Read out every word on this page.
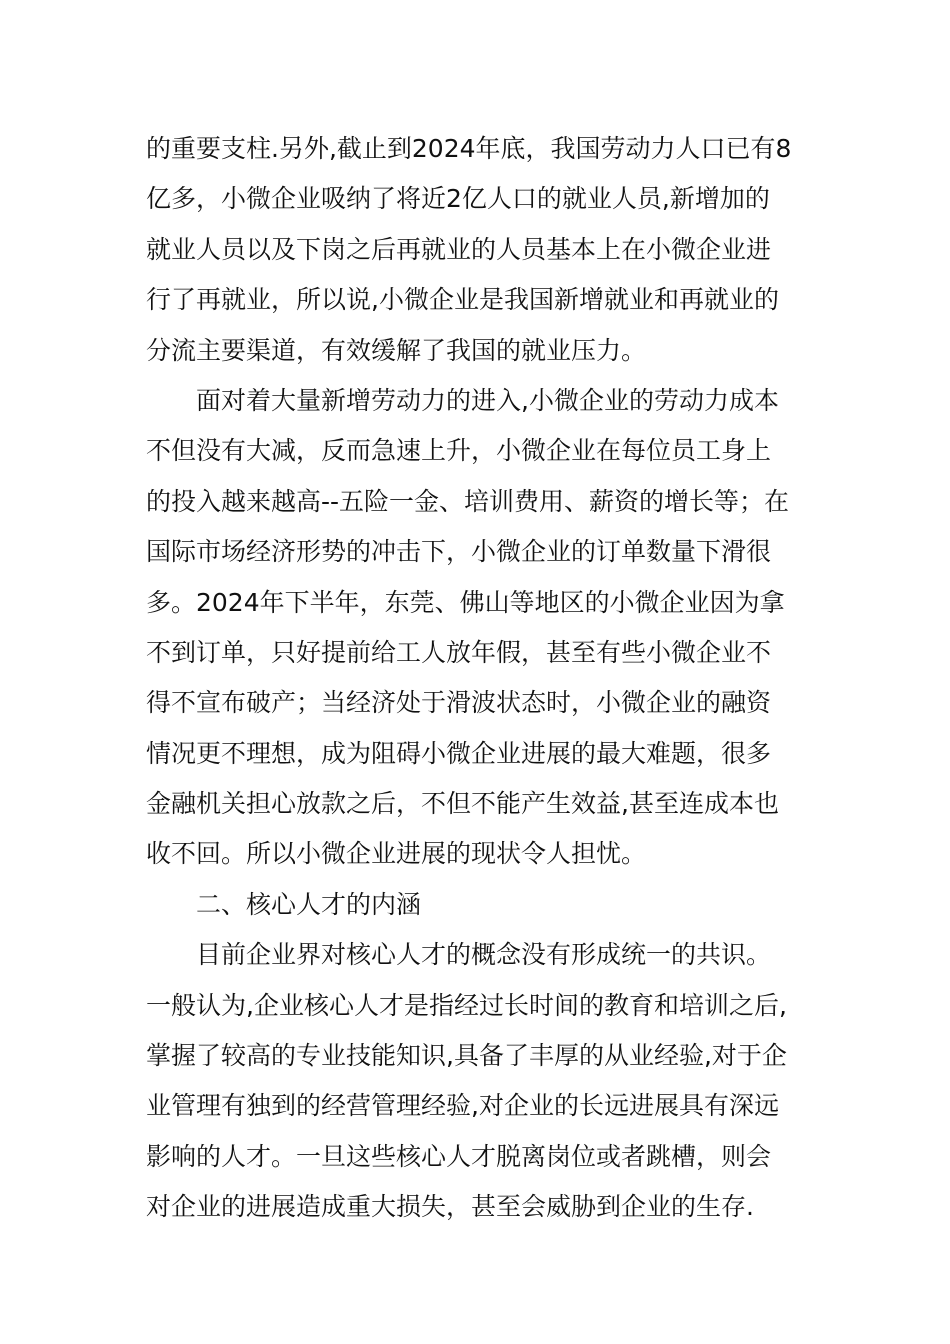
的重要支柱.另外,截止到2024年底，我国劳动力人口已有8
亿多，小微企业吸纳了将近2亿人口的就业人员,新增加的
就业人员以及下岗之后再就业的人员基本上在小微企业进
行了再就业，所以说,小微企业是我国新增就业和再就业的
分流主要渠道，有效缓解了我国的就业压力。
面对着大量新增劳动力的进入,小微企业的劳动力成本
不但没有大减，反而急速上升，小微企业在每位员工身上
的投入越来越高--五险一金、培训费用、薪资的增长等；在
国际市场经济形势的冲击下，小微企业的订单数量下滑很
多。2024年下半年，东莞、佛山等地区的小微企业因为拿
不到订单，只好提前给工人放年假，甚至有些小微企业不
得不宣布破产；当经济处于滑波状态时，小微企业的融资
情况更不理想，成为阻碍小微企业进展的最大难题，很多
金融机关担心放款之后，不但不能产生效益,甚至连成本也
收不回。所以小微企业进展的现状令人担忧。
二、核心人才的内涵
目前企业界对核心人才的概念没有形成统一的共识。
一般认为,企业核心人才是指经过长时间的教育和培训之后,
掌握了较高的专业技能知识,具备了丰厚的从业经验,对于企
业管理有独到的经营管理经验,对企业的长远进展具有深远
影响的人才。一旦这些核心人才脱离岗位或者跳槽，则会
对企业的进展造成重大损失，甚至会威胁到企业的生存.
